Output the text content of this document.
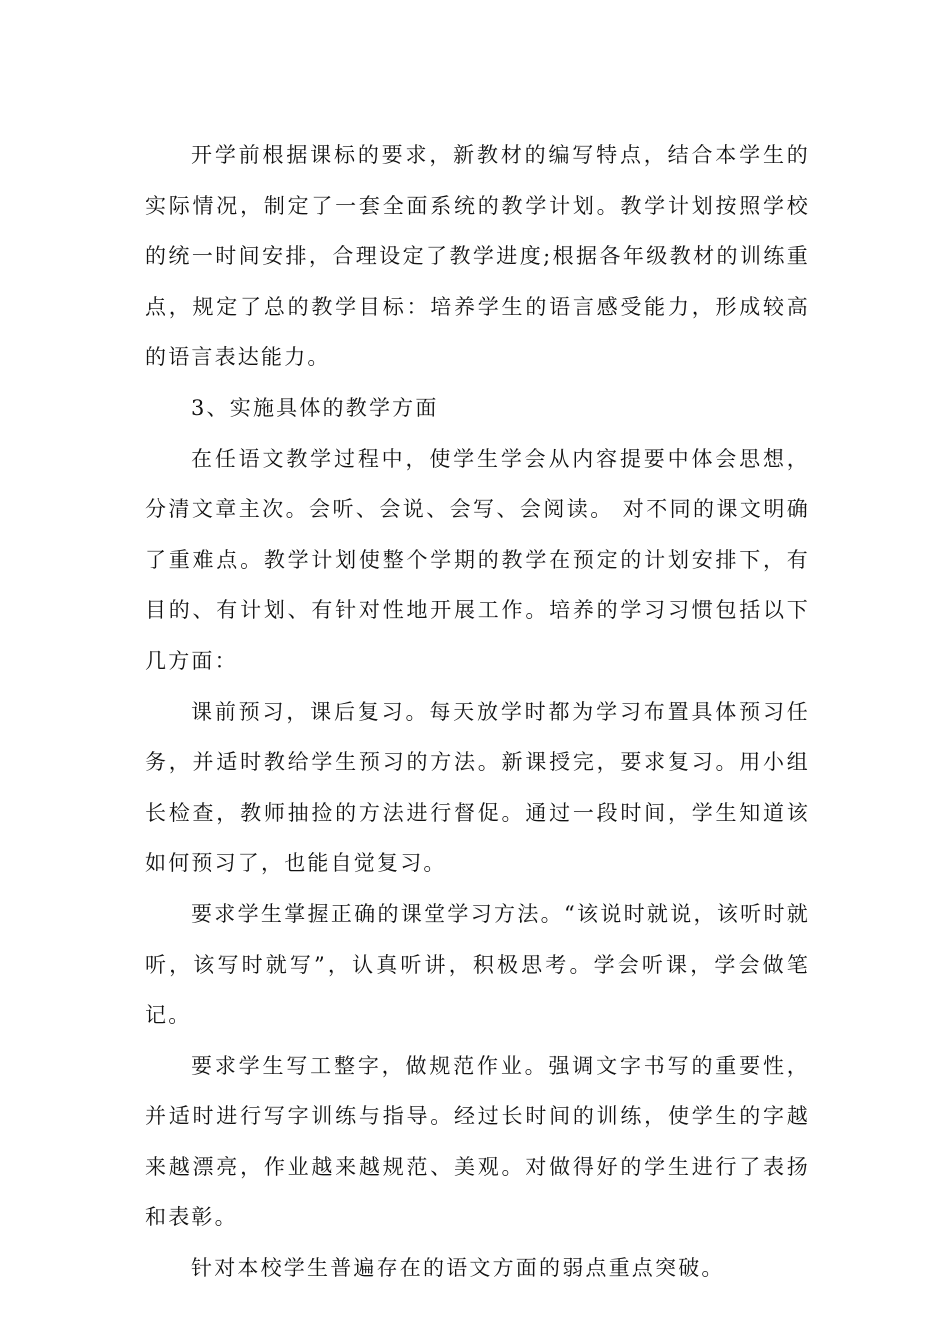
开学前根据课标的要求，新教材的编写特点，结合本学生的实际情况，制定了一套全面系统的教学计划。教学计划按照学校的统一时间安排，合理设定了教学进度;根据各年级教材的训练重点，规定了总的教学目标：培养学生的语言感受能力，形成较高的语言表达能力。

3、实施具体的教学方面

在任语文教学过程中，使学生学会从内容提要中体会思想，分清文章主次。会听、会说、会写、会阅读。 对不同的课文明确了重难点。教学计划使整个学期的教学在预定的计划安排下，有目的、有计划、有针对性地开展工作。培养的学习习惯包括以下几方面：

课前预习，课后复习。每天放学时都为学习布置具体预习任务，并适时教给学生预习的方法。新课授完，要求复习。用小组长检查，教师抽捡的方法进行督促。通过一段时间，学生知道该如何预习了，也能自觉复习。

要求学生掌握正确的课堂学习方法。“该说时就说，该听时就听，该写时就写”，认真听讲，积极思考。学会听课，学会做笔记。

要求学生写工整字，做规范作业。强调文字书写的重要性，并适时进行写字训练与指导。经过长时间的训练，使学生的字越来越漂亮，作业越来越规范、美观。对做得好的学生进行了表扬和表彰。

针对本校学生普遍存在的语文方面的弱点重点突破。
